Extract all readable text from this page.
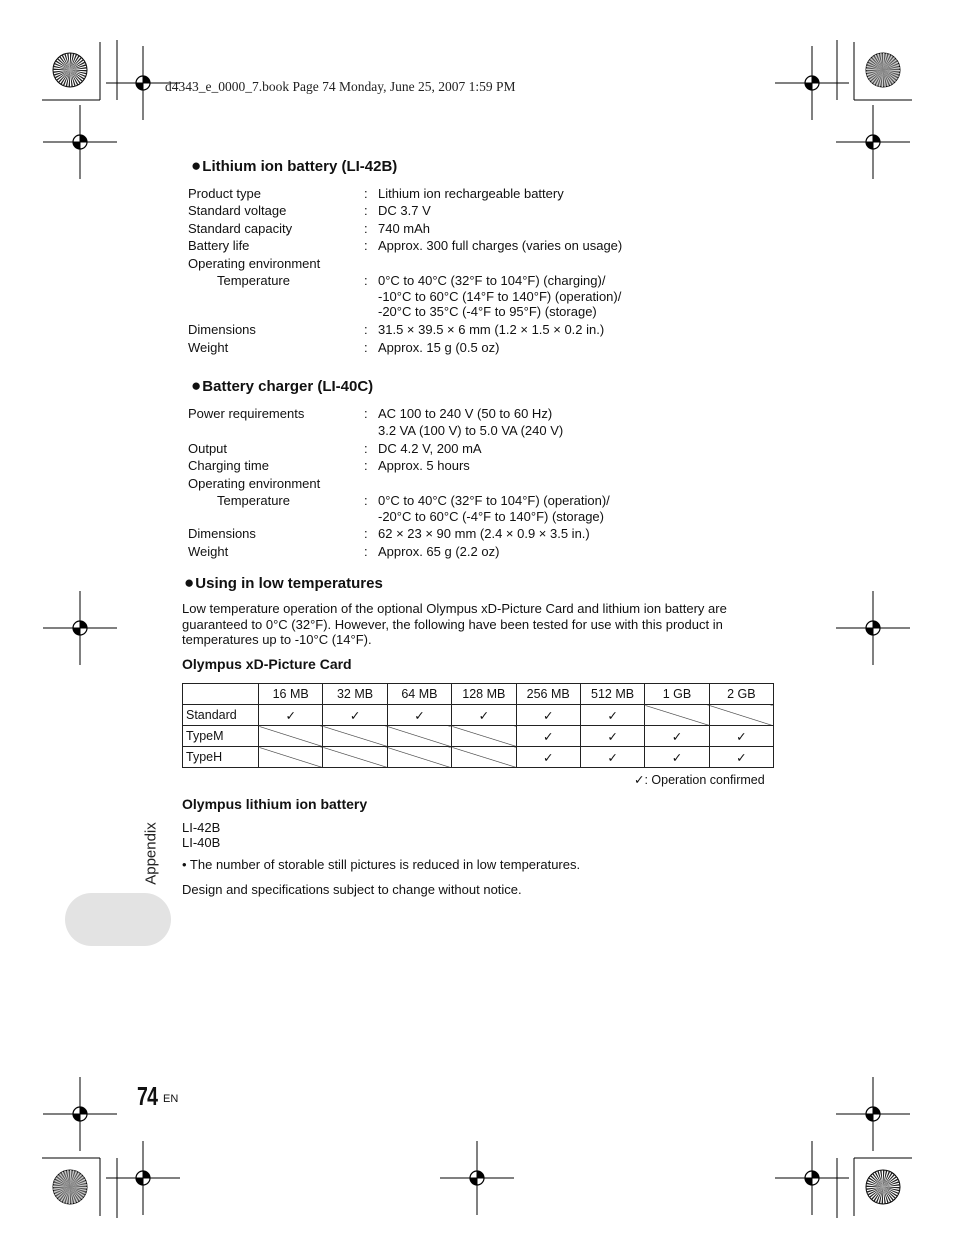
d4343_e_0000_7.book Page 74 Monday, June 25, 2007 1:59 PM
●Lithium ion battery (LI-42B)
Product type	: Lithium ion rechargeable battery
Standard voltage	: DC 3.7 V
Standard capacity	: 740 mAh
Battery life	: Approx. 300 full charges (varies on usage)
Operating environment
Temperature	: 0°C to 40°C (32°F to 104°F) (charging)/
-10°C to 60°C (14°F to 140°F) (operation)/
-20°C to 35°C (-4°F to 95°F) (storage)
Dimensions	: 31.5 × 39.5 × 6 mm (1.2 × 1.5 × 0.2 in.)
Weight	: Approx. 15 g (0.5 oz)
●Battery charger (LI-40C)
Power requirements	: AC 100 to 240 V (50 to 60 Hz)
3.2 VA (100 V) to 5.0 VA (240 V)
Output	: DC 4.2 V, 200 mA
Charging time	: Approx. 5 hours
Operating environment
Temperature	: 0°C to 40°C (32°F to 104°F) (operation)/
-20°C to 60°C (-4°F to 140°F) (storage)
Dimensions	: 62 × 23 × 90 mm (2.4 × 0.9 × 3.5 in.)
Weight	: Approx. 65 g (2.2 oz)
●Using in low temperatures
Low temperature operation of the optional Olympus xD-Picture Card and lithium ion battery are guaranteed to 0°C (32°F). However, the following have been tested for use with this product in temperatures up to -10°C (14°F).
Olympus xD-Picture Card
	16 MB	32 MB	64 MB	128 MB	256 MB	512 MB	1 GB	2 GB
Standard	✓	✓	✓	✓	✓	✓		
TypeM					✓	✓	✓	✓
TypeH					✓	✓	✓	✓
✓: Operation confirmed
Olympus lithium ion battery
LI-42B
LI-40B
• The number of storable still pictures is reduced in low temperatures.
Design and specifications subject to change without notice.
Appendix
74 EN
